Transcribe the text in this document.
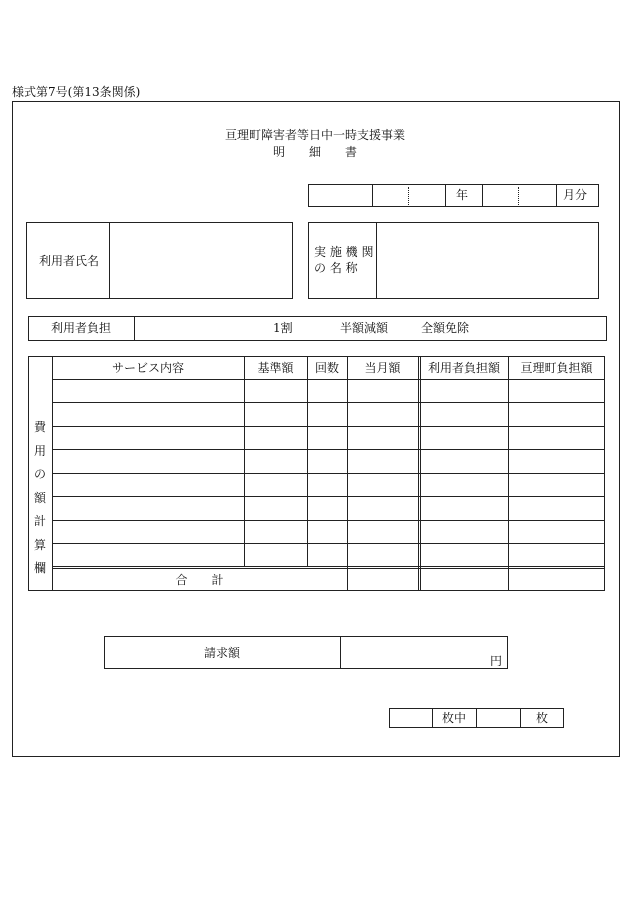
様式第7号(第13条関係)
亘理町障害者等日中一時支援事業
明　　細　　書
年	月分
利用者氏名
実 施 機 関
の 名 称
利用者負担	1割	半額減額	全額免除
費
用
の
額
計
算
欄
サービス内容	基準額	回数	当月額	利用者負担額	亘理町負担額
合　　計
請求額
円
枚中	枚
